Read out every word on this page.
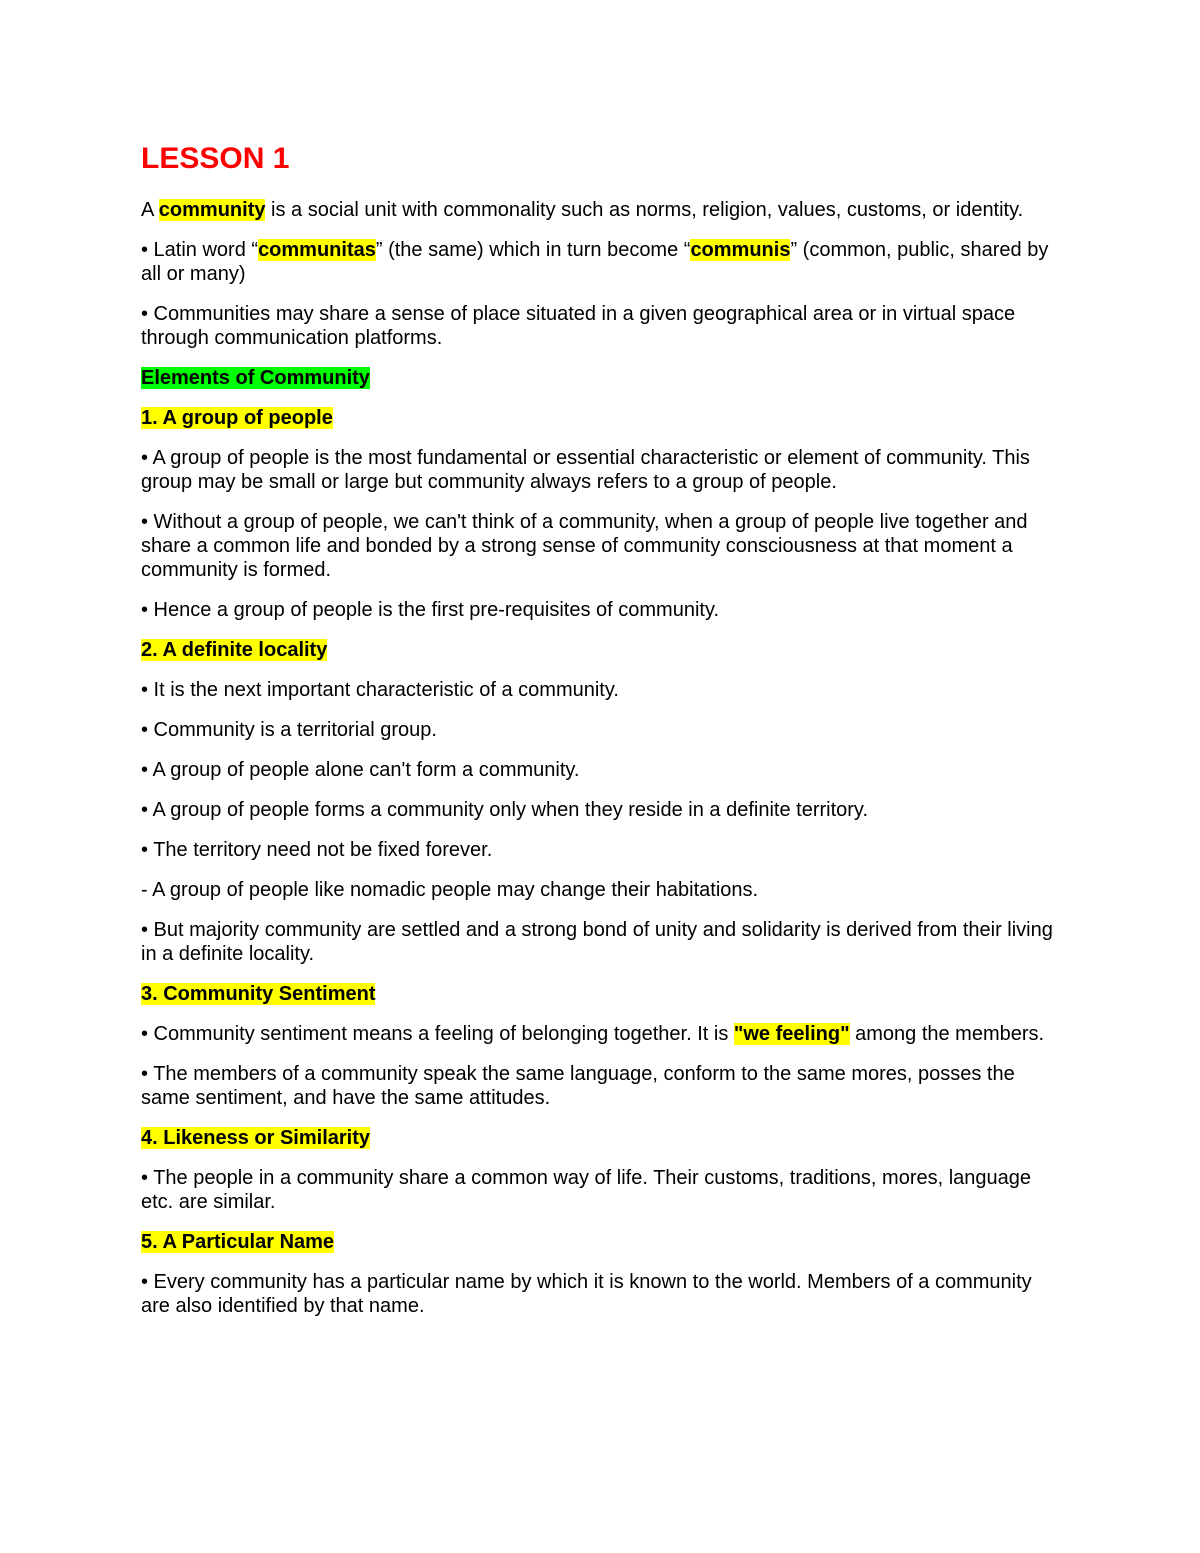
LESSON 1

A community is a social unit with commonality such as norms, religion, values, customs, or identity.

• Latin word “communitas” (the same) which in turn become “communis” (common, public, shared by all or many)

• Communities may share a sense of place situated in a given geographical area or in virtual space through communication platforms.

Elements of Community

1. A group of people

• A group of people is the most fundamental or essential characteristic or element of community. This group may be small or large but community always refers to a group of people.

• Without a group of people, we can't think of a community, when a group of people live together and share a common life and bonded by a strong sense of community consciousness at that moment a community is formed.

• Hence a group of people is the first pre-requisites of community.

2. A definite locality

• It is the next important characteristic of a community.

• Community is a territorial group.

• A group of people alone can't form a community.

• A group of people forms a community only when they reside in a definite territory.

• The territory need not be fixed forever.

- A group of people like nomadic people may change their habitations.

• But majority community are settled and a strong bond of unity and solidarity is derived from their living in a definite locality.

3. Community Sentiment

• Community sentiment means a feeling of belonging together. It is "we feeling" among the members.

• The members of a community speak the same language, conform to the same mores, posses the same sentiment, and have the same attitudes.

4. Likeness or Similarity

• The people in a community share a common way of life. Their customs, traditions, mores, language etc. are similar.

5. A Particular Name

• Every community has a particular name by which it is known to the world. Members of a community are also identified by that name.
